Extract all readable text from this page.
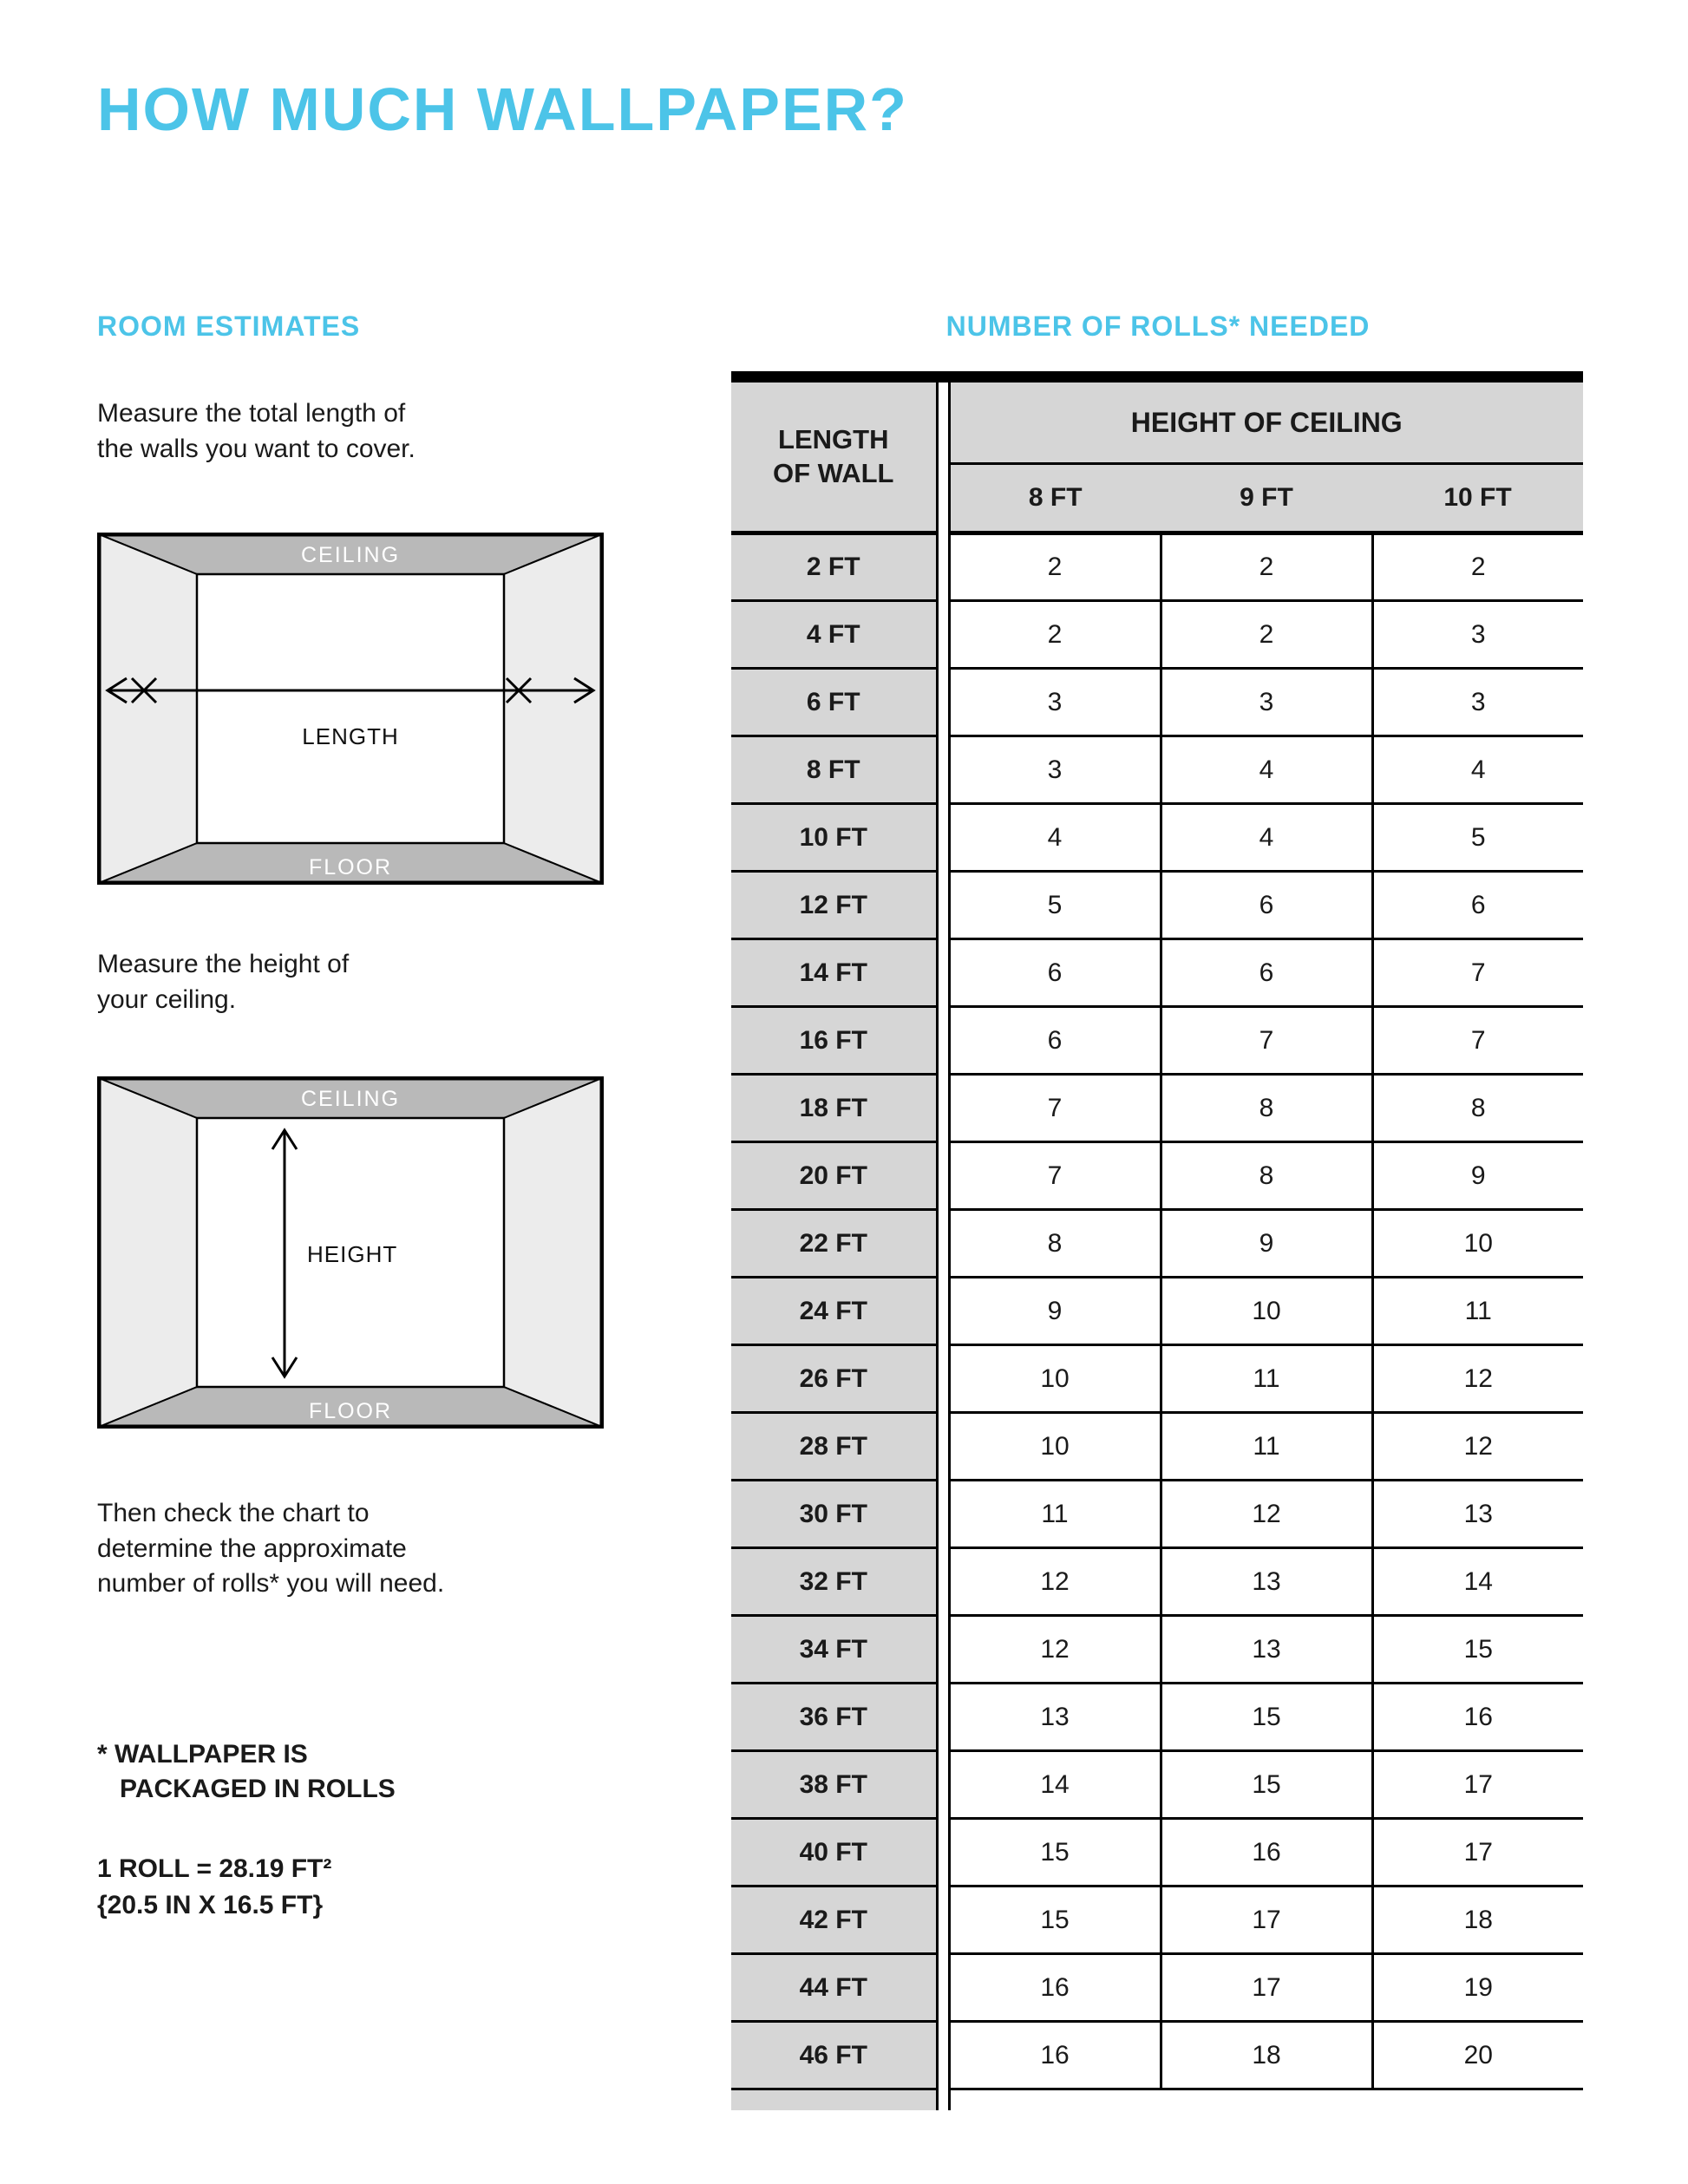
HOW MUCH WALLPAPER?
ROOM ESTIMATES

Measure the total length of
the walls you want to cover.

CEILING
FLOOR
LENGTH

Measure the height of
your ceiling.

CEILING
FLOOR
HEIGHT

Then check the chart to
determine the approximate
number of rolls* you will need.

* WALLPAPER IS
PACKAGED IN ROLLS

1 ROLL = 28.19 FT²
{20.5 IN X 16.5 FT}

NUMBER OF ROLLS* NEEDED
LENGTH
OF WALL		HEIGHT OF CEILING		
		8 FT	9 FT	10 FT
2 FT		2	2	2
4 FT		2	2	3
6 FT		3	3	3
8 FT		3	4	4
10 FT		4	4	5
12 FT		5	6	6
14 FT		6	6	7
16 FT		6	7	7
18 FT		7	8	8
20 FT		7	8	9
22 FT		8	9	10
24 FT		9	10	11
26 FT		10	11	12
28 FT		10	11	12
30 FT		11	12	13
32 FT		12	13	14
34 FT		12	13	15
36 FT		13	15	16
38 FT		14	15	17
40 FT		15	16	17
42 FT		15	17	18
44 FT		16	17	19
46 FT		16	18	20
